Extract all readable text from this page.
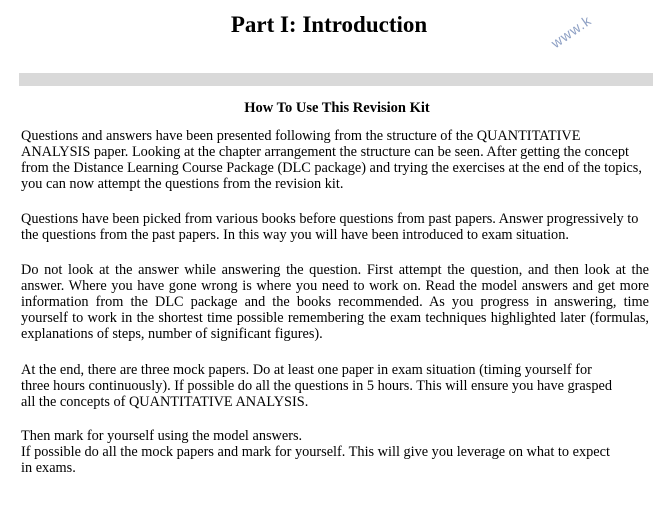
Part I: Introduction	www.k
How To Use This Revision Kit

Questions and answers have been presented following from the structure of the QUANTITATIVE ANALYSIS paper. Looking at the chapter arrangement the structure can be seen. After getting the concept from the Distance Learning Course Package (DLC package) and trying the exercises at the end of the topics, you can now attempt the questions from the revision kit.

Questions have been picked from various books before questions from past papers. Answer progressively to the questions from the past papers. In this way you will have been introduced to exam situation.

Do not look at the answer while answering the question. First attempt the question, and then look at the answer. Where you have gone wrong is where you need to work on. Read the model answers and get more information from the DLC package and the books recommended. As you progress in answering, time yourself to work in the shortest time possible remembering the exam techniques highlighted later (formulas, explanations of steps, number of significant figures).

At the end, there are three mock papers. Do at least one paper in exam situation (timing yourself for three hours continuously). If possible do all the questions in 5 hours. This will ensure you have grasped all the concepts of QUANTITATIVE ANALYSIS.

Then mark for yourself using the model answers.

If possible do all the mock papers and mark for yourself. This will give you leverage on what to expect in exams.
